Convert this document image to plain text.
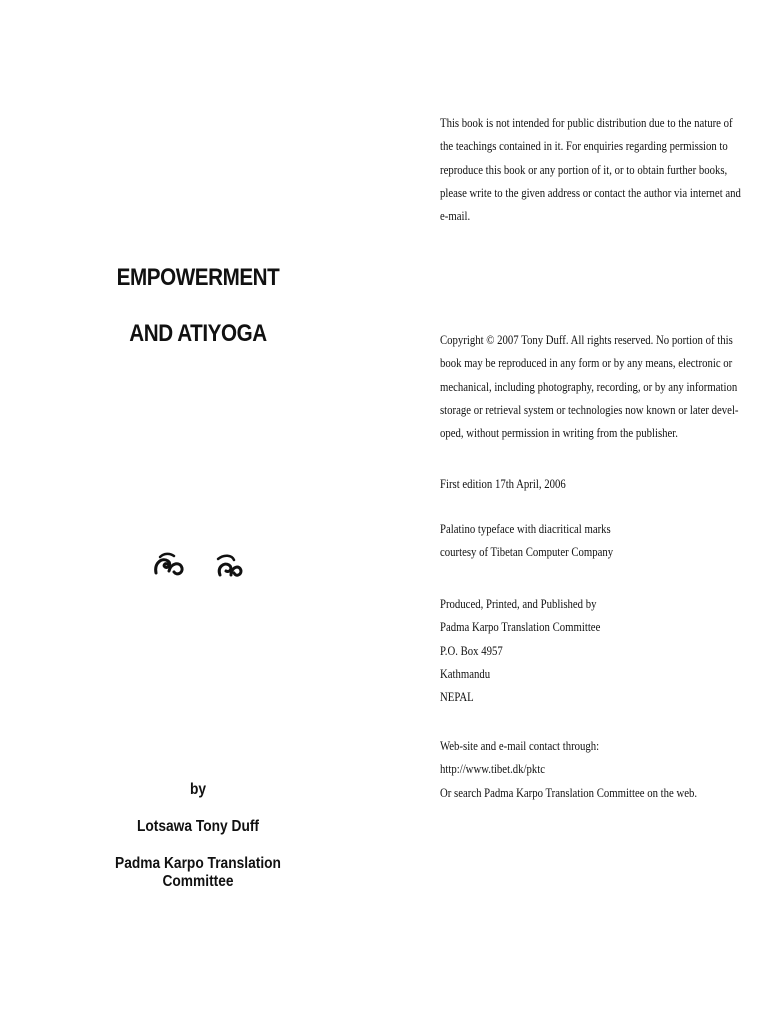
EMPOWERMENT
AND ATIYOGA
by
Lotsawa Tony Duff
Padma Karpo Translation Committee
This book is not intended for public distribution due to the nature of
the teachings contained in it. For enquiries regarding permission to
reproduce this book or any portion of it, or to obtain further books,
please write to the given address or contact the author via internet and
e-mail.
Copyright © 2007 Tony Duff. All rights reserved. No portion of this
book may be reproduced in any form or by any means, electronic or
mechanical, including photography, recording, or by any information
storage or retrieval system or technologies now known or later devel-
oped, without permission in writing from the publisher.
First edition 17th April, 2006
Palatino typeface with diacritical marks
courtesy of Tibetan Computer Company
Produced, Printed, and Published by
Padma Karpo Translation Committee
P.O. Box 4957
Kathmandu
NEPAL
Web-site and e-mail contact through:
http://www.tibet.dk/pktc
Or search Padma Karpo Translation Committee on the web.
